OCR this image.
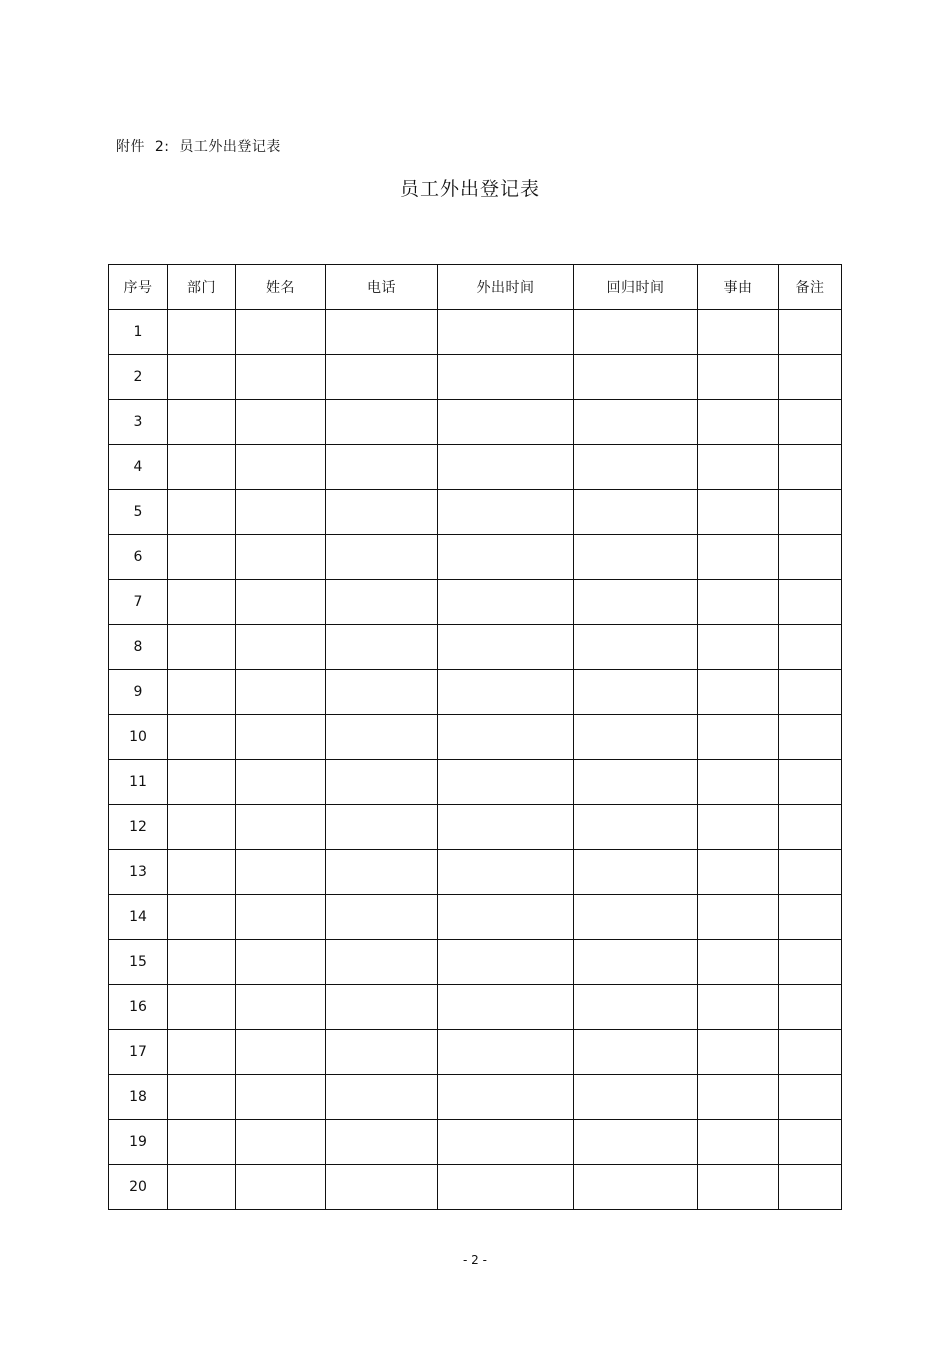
附件  2:  员工外出登记表
员工外出登记表
序号	部门	姓名	电话	外出时间	回归时间	事由	备注
1							
2							
3							
4							
5							
6							
7							
8							
9							
10							
11							
12							
13							
14							
15							
16							
17							
18							
19							
20							
- 2 -
